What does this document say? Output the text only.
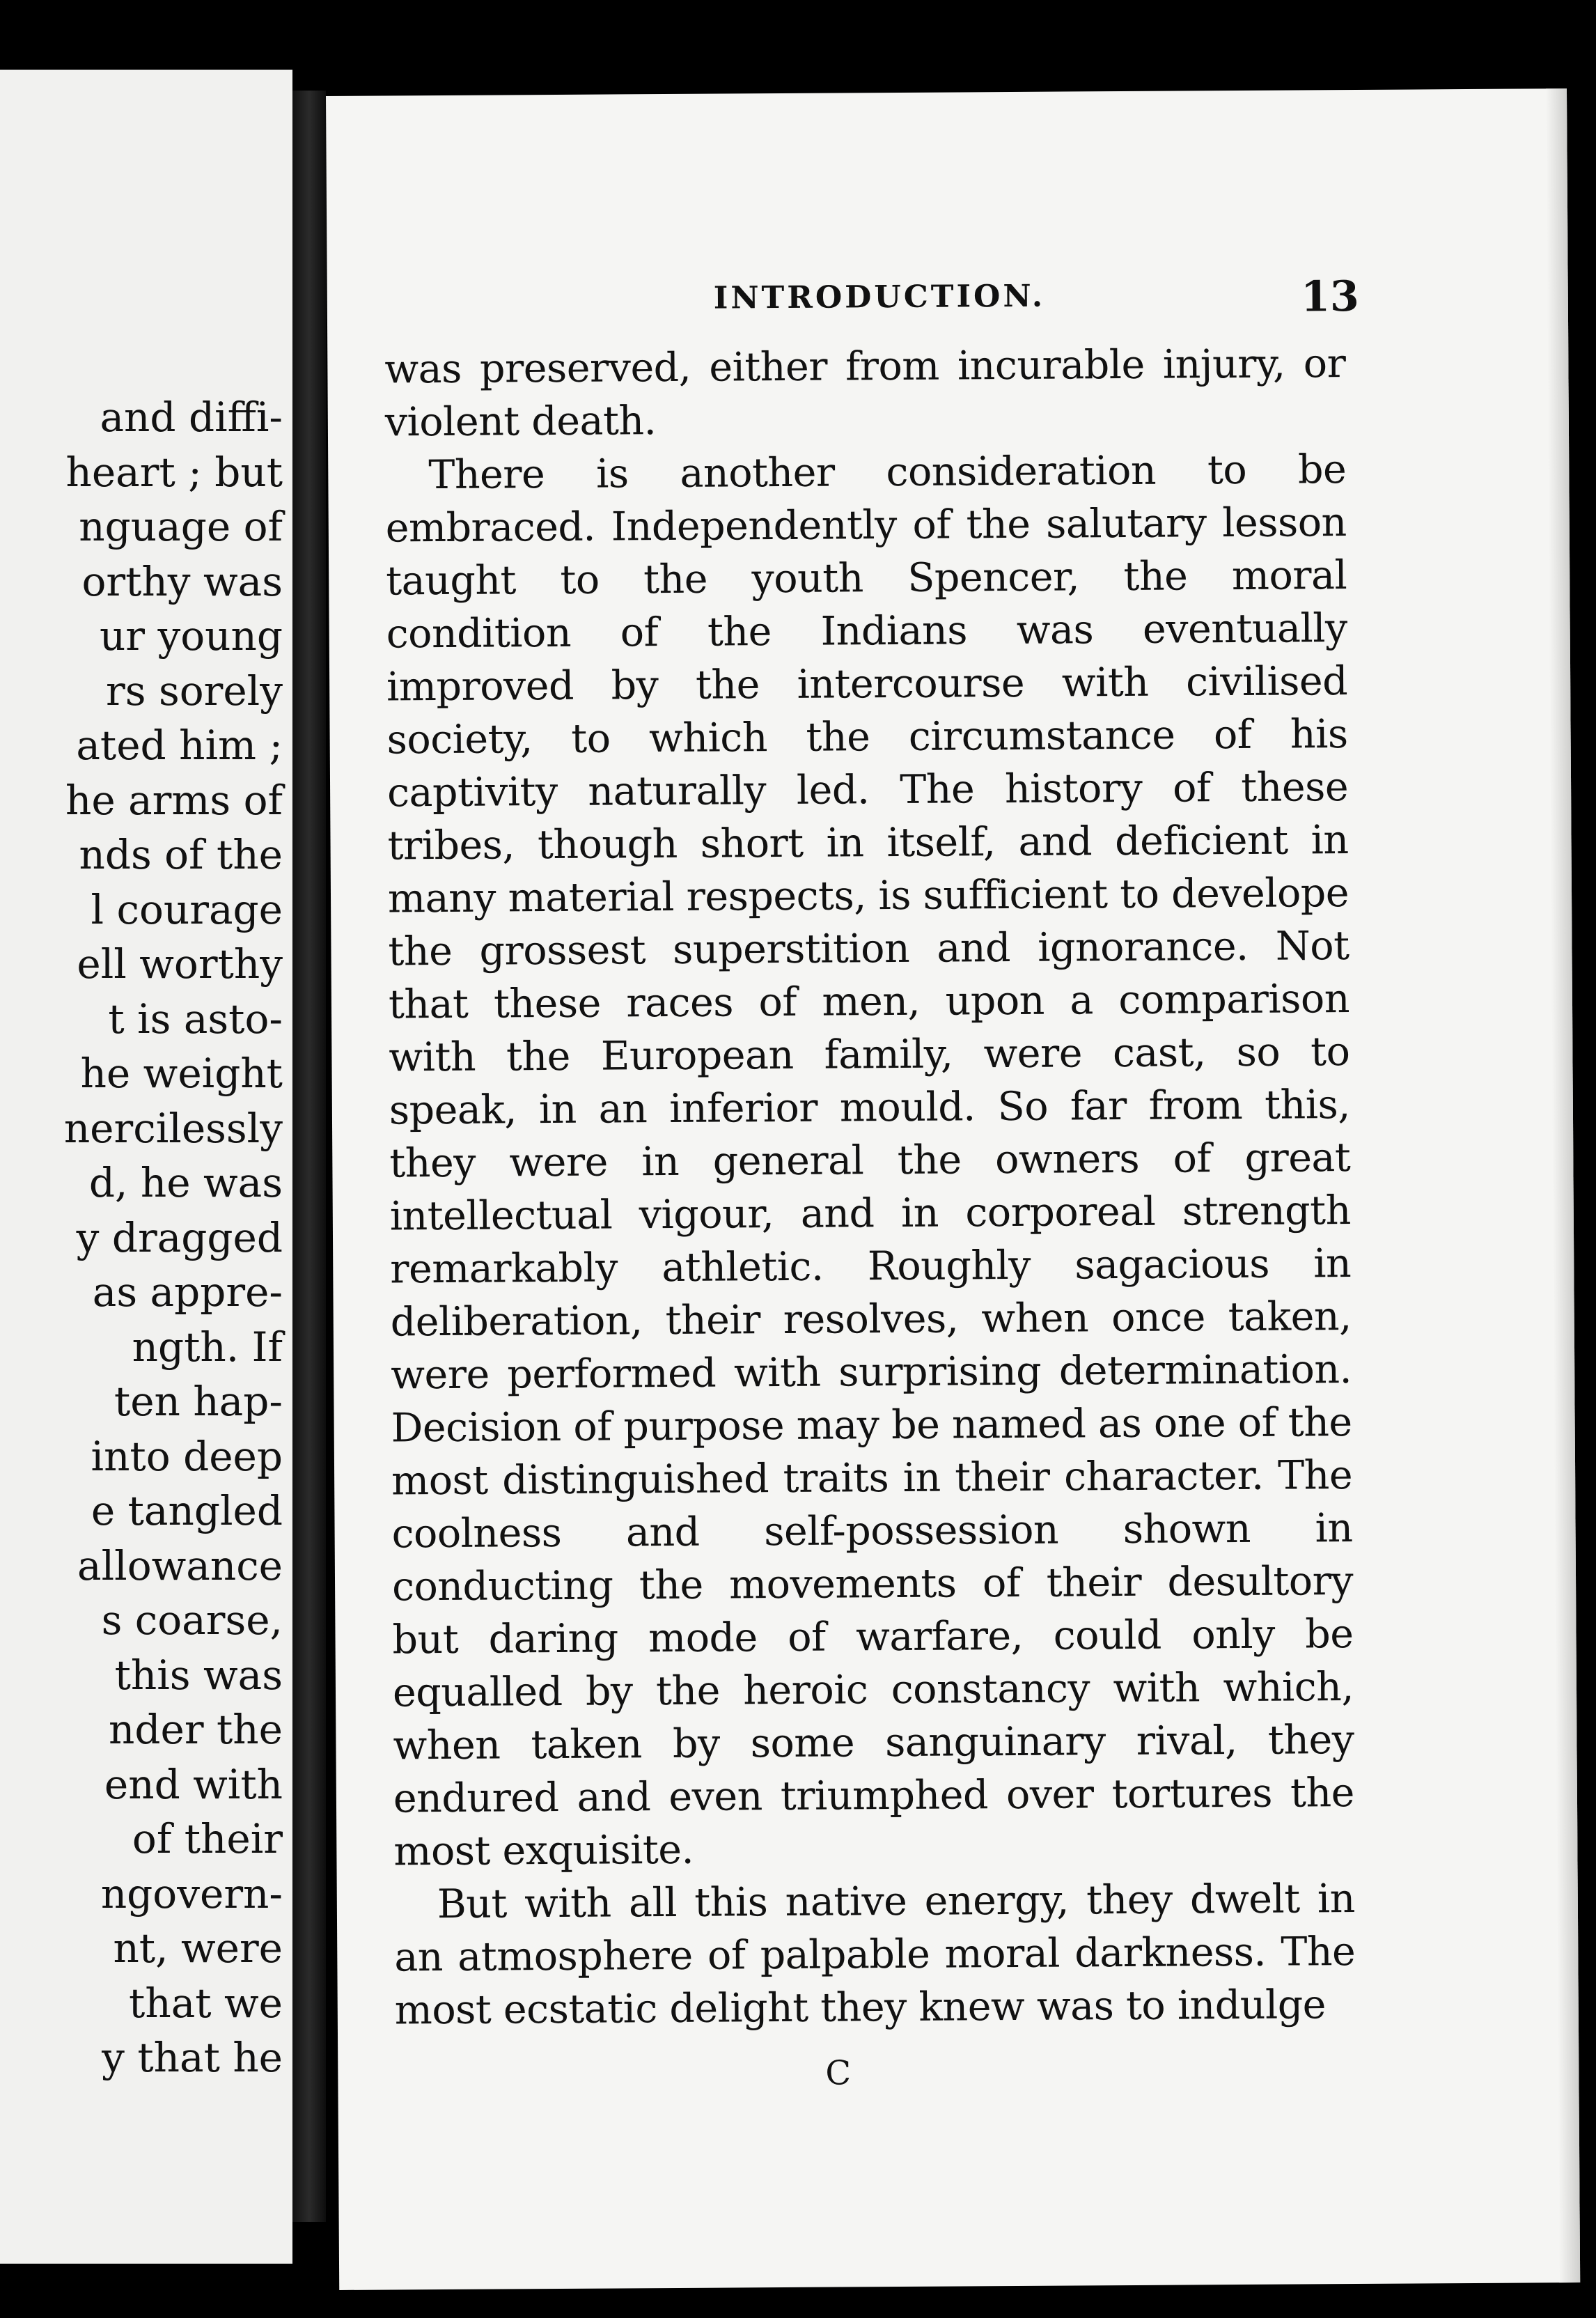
and diffi-
heart ; but
nguage of
orthy was
ur young
rs sorely
ated him ;
he arms of
nds of the
l courage
ell worthy
t is asto-
he weight
nercilessly
d, he was
y dragged
as appre-
ngth. If
ten hap-
into deep
e tangled
allowance
s coarse,
this was
nder the
end with
of their
ngovern-
nt, were
that we
y that he
INTRODUCTION.	13

was preserved, either from incurable injury, or violent death.

There is another consideration to be embraced. Independently of the salutary lesson taught to the youth Spencer, the moral condition of the Indians was eventually improved by the intercourse with civilised society, to which the circumstance of his captivity naturally led. The history of these tribes, though short in itself, and deficient in many material respects, is sufficient to develope the grossest superstition and ignorance. Not that these races of men, upon a comparison with the European family, were cast, so to speak, in an inferior mould. So far from this, they were in general the owners of great intellectual vigour, and in corporeal strength remarkably athletic. Roughly sagacious in deliberation, their resolves, when once taken, were performed with surprising determination. Decision of purpose may be named as one of the most distinguished traits in their character. The coolness and self-possession shown in conducting the movements of their desultory but daring mode of warfare, could only be equalled by the heroic constancy with which, when taken by some sanguinary rival, they endured and even triumphed over tortures the most exquisite.

But with all this native energy, they dwelt in an atmosphere of palpable moral darkness. The most ecstatic delight they knew was to indulge

C
